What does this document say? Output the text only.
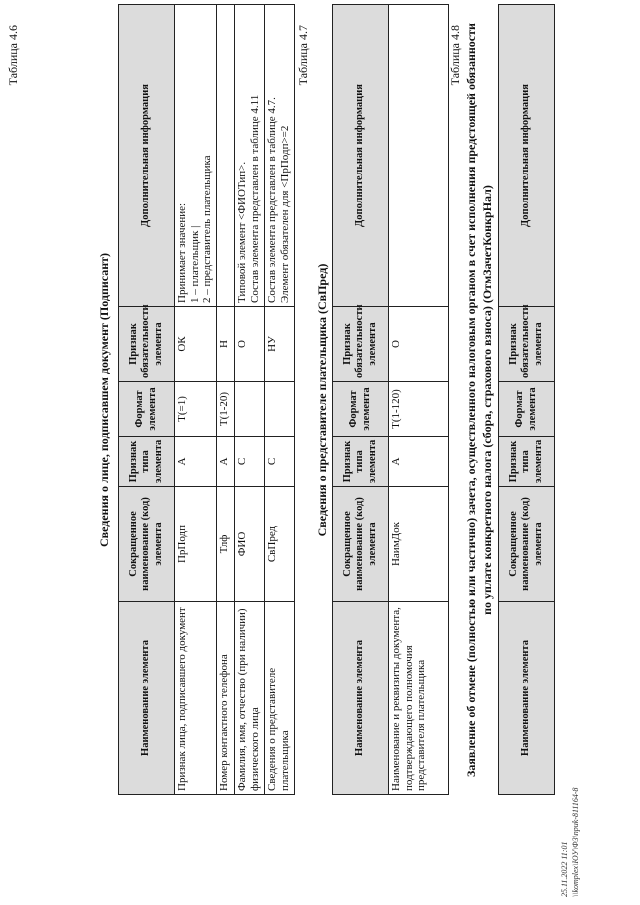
Таблица 4.6
Сведения о лице, подписавшем документ (Подписант)
Наименование элемента	Сокращенное наименование (код) элемента	Признак типа элемента	Формат элемента	Признак обязательности элемента	Дополнительная информация
Признак лица, подписавшего документ	ПрПодп	А	Т(=1)	ОК	Принимает значение: 1 – плательщик | 2 – представитель плательщика

Номер контактного телефона	Тлф	А	Т(1-20)	Н	
Фамилия, имя, отчество (при наличии) физического лица	ФИО	С		О	Типовой элемент <ФИОТип>. Состав элемента представлен в таблице 4.11

Сведения о представителе плательщика	СвПред	С		НУ	Состав элемента представлен в таблице 4.7. Элемент обязателен для <ПрПодп>=2
Таблица 4.7
Сведения о представителе плательщика (СвПред)
Наименование элемента	Сокращенное наименование (код) элемента	Признак типа элемента	Формат элемента	Признак обязательности элемента	Дополнительная информация
Наименование и реквизиты документа, подтверждающего полномочия представителя плательщика	НаимДок	А	Т(1-120)	О	
Таблица 4.8 Заявление об отмене (полностью или частично) зачета, осуществленного налоговым органом в счет исполнения предстоящей обязанности по уплате конкретного налога (сбора, страхового взноса) (ОтмЗачетКонкрНал)
Наименование элемента	Сокращенное наименование (код) элемента	Признак типа элемента	Формат элемента	Признак обязательности элемента	Дополнительная информация
25.11.2022 11:01 \\komplex\ЮУ\ФЗ\приk-811164-8
